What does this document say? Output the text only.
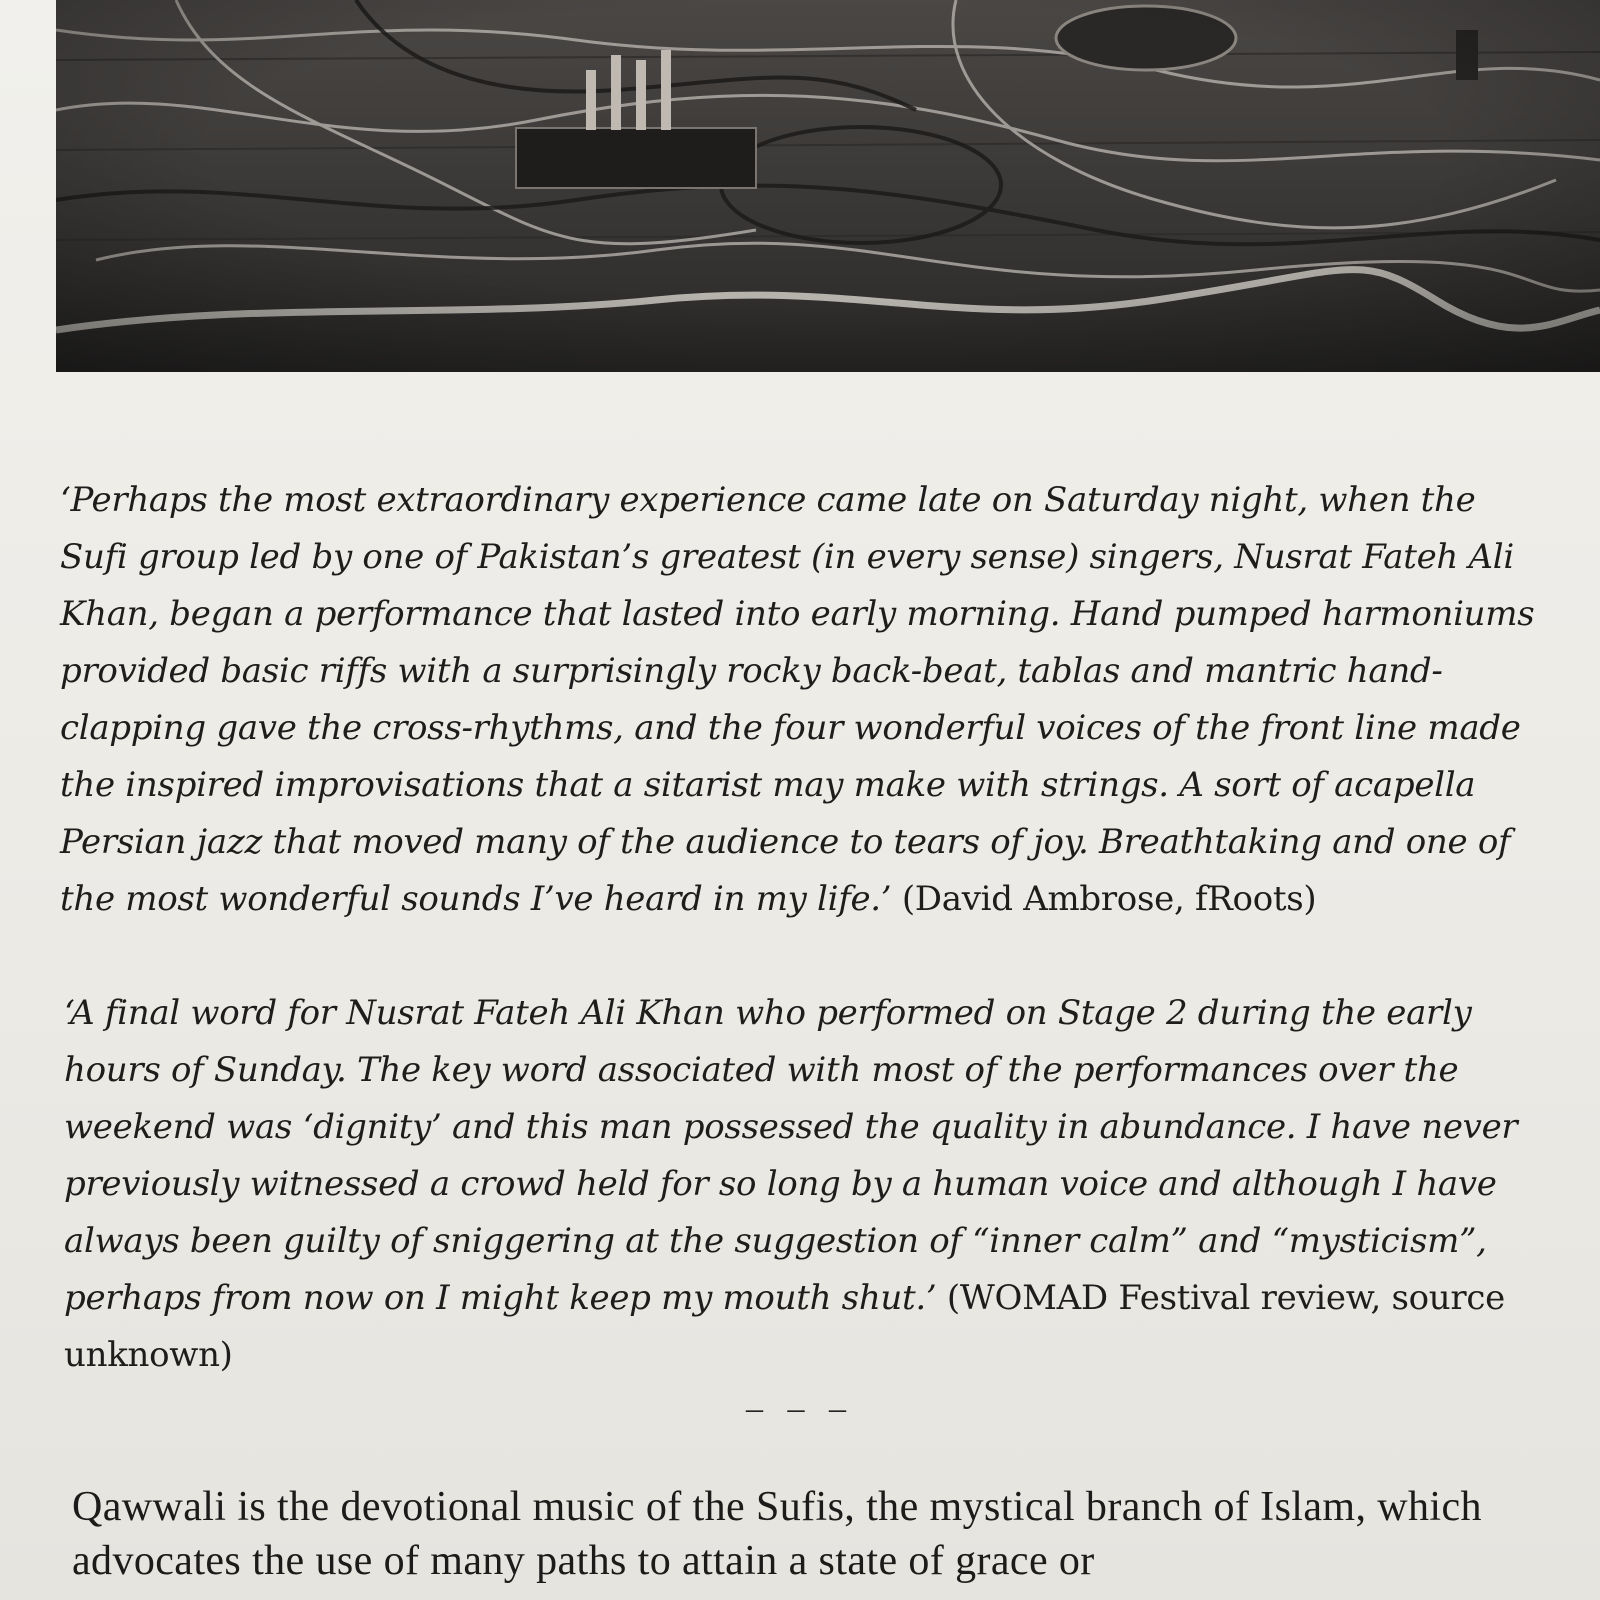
‘Perhaps the most extraordinary experience came late on Saturday night, when the Sufi group led by one of Pakistan’s greatest (in every sense) singers, Nusrat Fateh Ali Khan, began a performance that lasted into early morning. Hand pumped harmoniums provided basic riffs with a surprisingly rocky back-beat, tablas and mantric hand-clapping gave the cross-rhythms, and the four wonderful voices of the front line made the inspired improvisations that a sitarist may make with strings. A sort of acapella Persian jazz that moved many of the audience to tears of joy. Breathtaking and one of the most wonderful sounds I’ve heard in my life.’ (David Ambrose, fRoots)

‘A final word for Nusrat Fateh Ali Khan who performed on Stage 2 during the early hours of Sunday. The key word associated with most of the performances over the weekend was ‘dignity’ and this man possessed the quality in abundance. I have never previously witnessed a crowd held for so long by a human voice and although I have always been guilty of sniggering at the suggestion of “inner calm” and “mysticism”, perhaps from now on I might keep my mouth shut.’ (WOMAD Festival review, source unknown)

– – –

Qawwali is the devotional music of the Sufis, the mystical branch of Islam, which advocates the use of many paths to attain a state of grace or
